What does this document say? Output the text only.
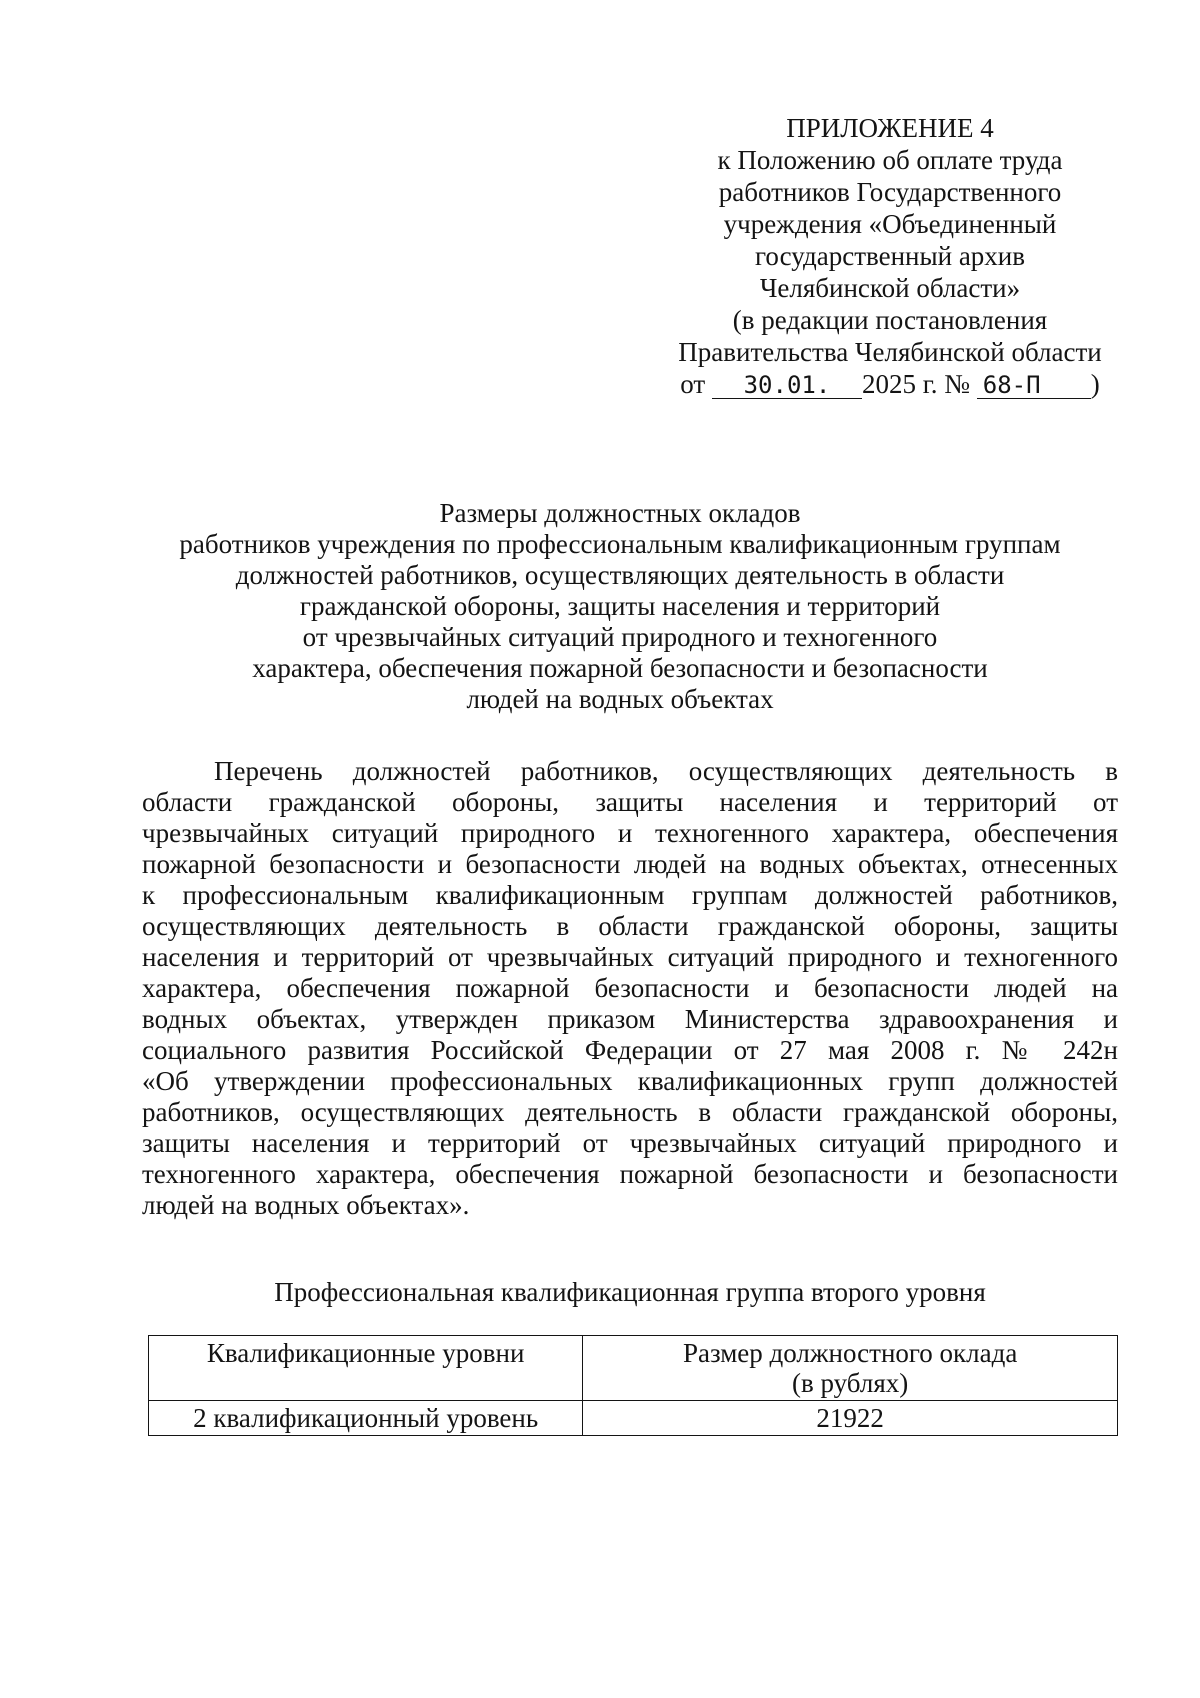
ПРИЛОЖЕНИЕ 4
к Положению об оплате труда
работников Государственного
учреждения «Объединенный
государственный архив
Челябинской области»
(в редакции постановления
Правительства Челябинской области
от 30.01. 2025 г. № 68-П )
Размеры должностных окладов
работников учреждения по профессиональным квалификационным группам
должностей работников, осуществляющих деятельность в области
гражданской обороны, защиты населения и территорий
от чрезвычайных ситуаций природного и техногенного
характера, обеспечения пожарной безопасности и безопасности
людей на водных объектах
Перечень должностей работников, осуществляющих деятельность в
области гражданской обороны, защиты населения и территорий от
чрезвычайных ситуаций природного и техногенного характера, обеспечения
пожарной безопасности и безопасности людей на водных объектах, отнесенных
к профессиональным квалификационным группам должностей работников,
осуществляющих деятельность в области гражданской обороны, защиты
населения и территорий от чрезвычайных ситуаций природного и техногенного
характера, обеспечения пожарной безопасности и безопасности людей на
водных объектах, утвержден приказом Министерства здравоохранения и
социального развития Российской Федерации от 27 мая 2008 г. № 242н
«Об утверждении профессиональных квалификационных групп должностей
работников, осуществляющих деятельность в области гражданской обороны,
защиты населения и территорий от чрезвычайных ситуаций природного и
техногенного характера, обеспечения пожарной безопасности и безопасности
людей на водных объектах».
Профессиональная квалификационная группа второго уровня
Квалификационные уровни	Размер должностного оклада
(в рублях)

2 квалификационный уровень	21922
